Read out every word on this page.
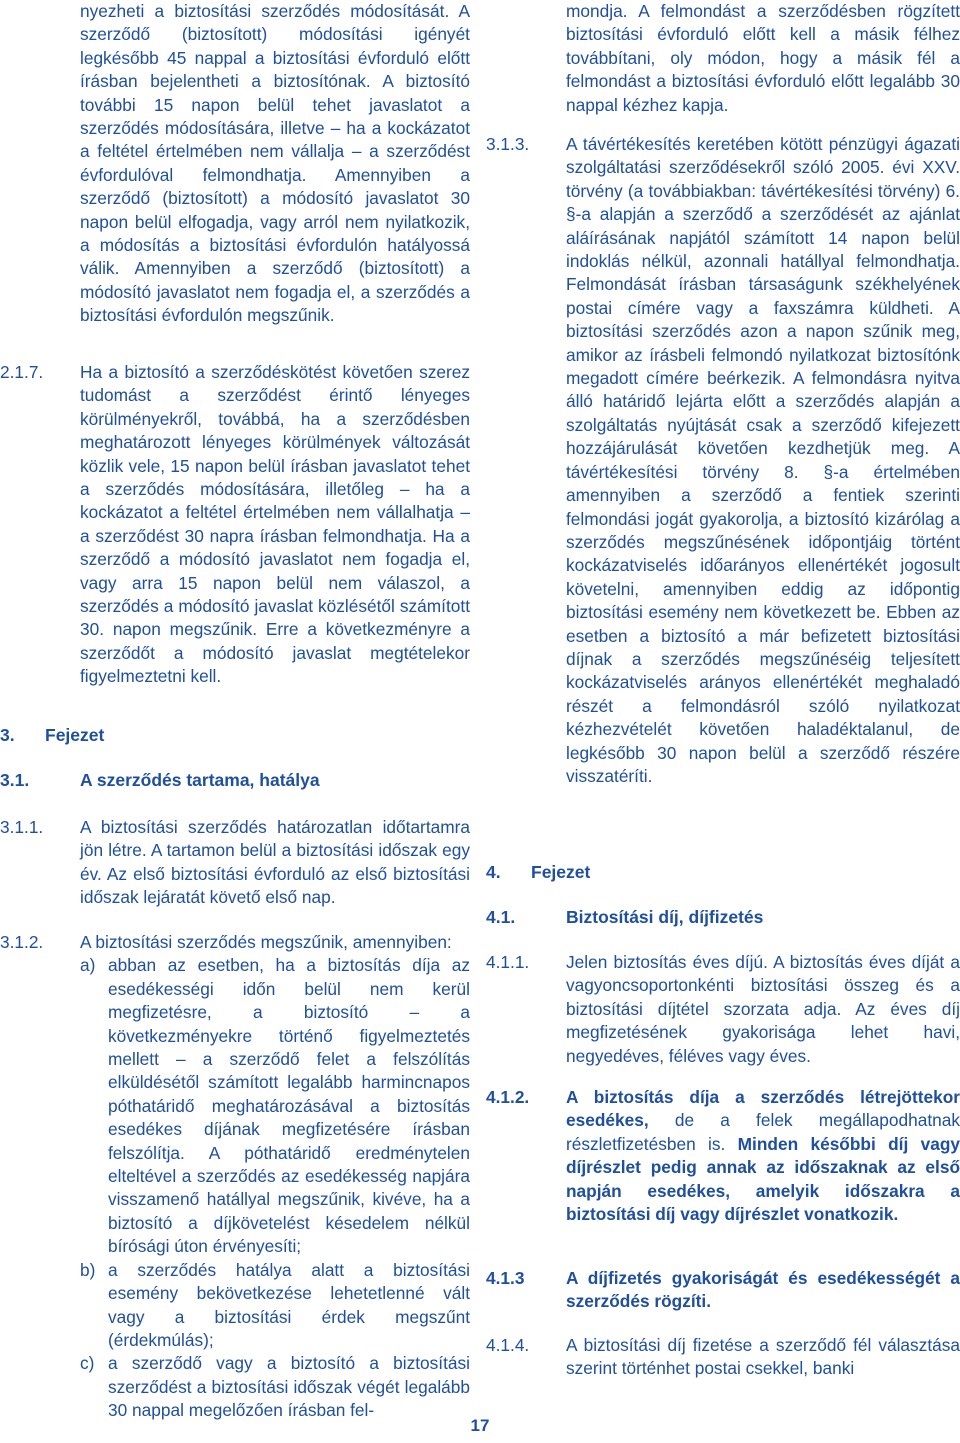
nyezheti a biztosítási szerződés módosítását. A szerződő (biztosított) módosítási igényét legkésőbb 45 nappal a biztosítási évforduló előtt írásban bejelentheti a biztosítónak. A biztosító további 15 napon belül tehet javaslatot a szerződés módosítására, illetve – ha a kockázatot a feltétel értelmében nem vállalja – a szerződést évfordulóval felmondhatja. Amennyiben a szerződő (biztosított) a módosító javaslatot 30 napon belül elfogadja, vagy arról nem nyilatkozik, a módosítás a biztosítási évfordulón hatályossá válik. Amennyiben a szerződő (biztosított) a módosító javaslatot nem fogadja el, a szerződés a biztosítási évfordulón megszűnik.

2.1.7. Ha a biztosító a szerződéskötést követően szerez tudomást a szerződést érintő lényeges körülményekről, továbbá, ha a szerződésben meghatározott lényeges körülmények változását közlik vele, 15 napon belül írásban javaslatot tehet a szerződés módosítására, illetőleg – ha a kockázatot a feltétel értelmében nem vállalhatja – a szerződést 30 napra írásban felmondhatja. Ha a szerződő a módosító javaslatot nem fogadja el, vagy arra 15 napon belül nem válaszol, a szerződés a módosító javaslat közlésétől számított 30. napon megszűnik. Erre a következményre a szerződőt a módosító javaslat megtételekor figyelmeztetni kell.

3. Fejezet
3.1.	A szerződés tartama, hatálya

3.1.1. A biztosítási szerződés határozatlan időtartamra jön létre. A tartamon belül a biztosítási időszak egy év. Az első biztosítási évforduló az első biztosítási időszak lejáratát követő első nap.

3.1.2. A biztosítási szerződés megszűnik, amennyiben:

a) abban az esetben, ha a biztosítás díja az esedékességi időn belül nem kerül megfizetésre, a biztosító – a következményekre történő figyelmeztetés mellett – a szerződő felet a felszólítás elküldésétől számított legalább harmincnapos póthatáridő meghatározásával a biztosítás esedékes díjának megfizetésére írásban felszólítja. A póthatáridő eredménytelen elteltével a szerződés az esedékesség napjára visszamenő hatállyal megszűnik, kivéve, ha a biztosító a díjkövetelést késedelem nélkül bírósági úton érvényesíti;
b) a szerződés hatálya alatt a biztosítási esemény bekövetkezése lehetetlenné vált vagy a biztosítási érdek megszűnt (érdekmúlás);
c) a szerződő vagy a biztosító a biztosítási szerződést a biztosítási időszak végét legalább 30 nappal megelőzően írásban fel-

mondja. A felmondást a szerződésben rögzített biztosítási évforduló előtt kell a másik félhez továbbítani, oly módon, hogy a másik fél a felmondást a biztosítási évforduló előtt legalább 30 nappal kézhez kapja.

3.1.3. A távértékesítés keretében kötött pénzügyi ágazati szolgáltatási szerződésekről szóló 2005. évi XXV. törvény (a továbbiakban: távértékesítési törvény) 6. §-a alapján a szerződő a szerződését az ajánlat aláírásának napjától számított 14 napon belül indoklás nélkül, azonnali hatállyal felmondhatja. Felmondását írásban társaságunk székhelyének postai címére vagy a faxszámra küldheti. A biztosítási szerződés azon a napon szűnik meg, amikor az írásbeli felmondó nyilatkozat biztosítónk megadott címére beérkezik. A felmondásra nyitva álló határidő lejárta előtt a szerződés alapján a szolgáltatás nyújtását csak a szerződő kifejezett hozzájárulását követően kezdhetjük meg. A távértékesítési törvény 8. §-a értelmében amennyiben a szerződő a fentiek szerinti felmondási jogát gyakorolja, a biztosító kizárólag a szerződés megszűnésének időpontjáig történt kockázatviselés időarányos ellenértékét jogosult követelni, amennyiben eddig az időpontig biztosítási esemény nem következett be. Ebben az esetben a biztosító a már befizetett biztosítási díjnak a szerződés megszűnéséig teljesített kockázatviselés arányos ellenértékét meghaladó részét a felmondásról szóló nyilatkozat kézhezvételét követően haladéktalanul, de legkésőbb 30 napon belül a szerződő részére visszatéríti.

4. Fejezet
4.1.	Biztosítási díj, díjfizetés

4.1.1. Jelen biztosítás éves díjú. A biztosítás éves díját a vagyoncsoportonkénti biztosítási összeg és a biztosítási díjtétel szorzata adja. Az éves díj megfizetésének gyakorisága lehet havi, negyedéves, féléves vagy éves.

4.1.2. A biztosítás díja a szerződés létrejöttekor esedékes, de a felek megállapodhatnak részletfizetésben is. Minden későbbi díj vagy díjrészlet pedig annak az időszaknak az első napján esedékes, amelyik időszakra a biztosítási díj vagy díjrészlet vonatkozik.

4.1.3 A díjfizetés gyakoriságát és esedékességét a szerződés rögzíti.

4.1.4. A biztosítási díj fizetése a szerződő fél választása szerint történhet postai csekkel, banki

17
